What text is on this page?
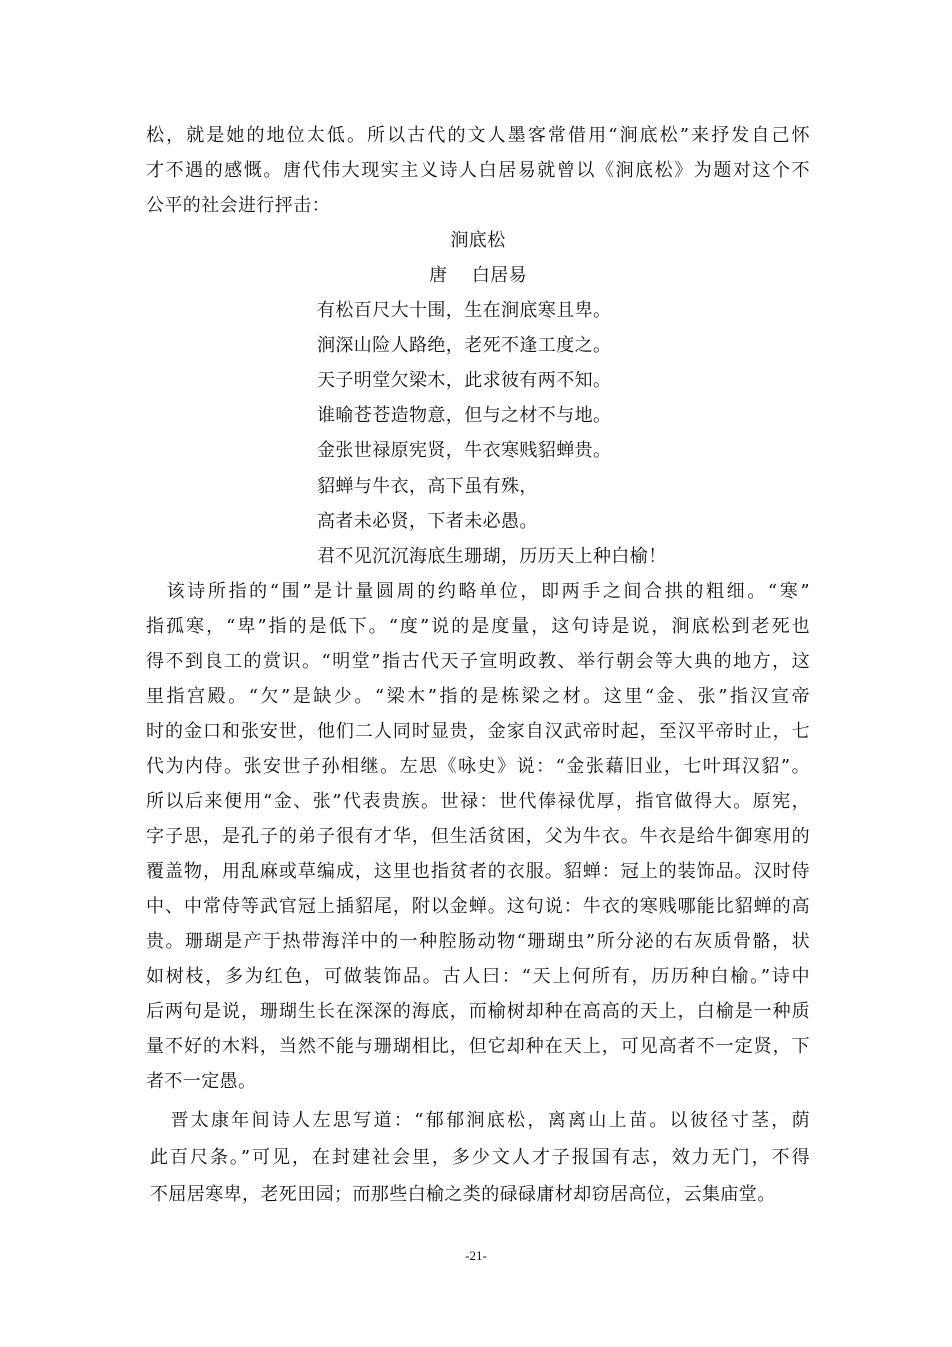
松，就是她的地位太低。所以古代的文人墨客常借用“涧底松”来抒发自己怀
才不遇的感慨。唐代伟大现实主义诗人白居易就曾以《涧底松》为题对这个不
公平的社会进行抨击：
涧底松
唐　 白居易
有松百尺大十围，生在涧底寒且卑。
涧深山险人路绝，老死不逢工度之。
天子明堂欠梁木，此求彼有两不知。
谁喻苍苍造物意，但与之材不与地。
金张世禄原宪贤，牛衣寒贱貂蝉贵。
貂蝉与牛衣，高下虽有殊，
高者未必贤，下者未必愚。
君不见沉沉海底生珊瑚，历历天上种白榆！
　该诗所指的“围”是计量圆周的约略单位，即两手之间合拱的粗细。“寒”
指孤寒，“卑”指的是低下。“度”说的是度量，这句诗是说，涧底松到老死也
得不到良工的赏识。“明堂”指古代天子宣明政教、举行朝会等大典的地方，这
里指宫殿。“欠”是缺少。“梁木”指的是栋梁之材。这里“金、张”指汉宣帝
时的金口和张安世，他们二人同时显贵，金家自汉武帝时起，至汉平帝时止，七
代为内侍。张安世子孙相继。左思《咏史》说：“金张藉旧业，七叶珥汉貂”。
所以后来便用“金、张”代表贵族。世禄：世代俸禄优厚，指官做得大。原宪，
字子思，是孔子的弟子很有才华，但生活贫困，父为牛衣。牛衣是给牛御寒用的
覆盖物，用乱麻或草编成，这里也指贫者的衣服。貂蝉：冠上的装饰品。汉时侍
中、中常侍等武官冠上插貂尾，附以金蝉。这句说：牛衣的寒贱哪能比貂蝉的高
贵。珊瑚是产于热带海洋中的一种腔肠动物“珊瑚虫”所分泌的右灰质骨骼，状
如树枝，多为红色，可做装饰品。古人曰：“天上何所有，历历种白榆。”诗中
后两句是说，珊瑚生长在深深的海底，而榆树却种在高高的天上，白榆是一种质
量不好的木料，当然不能与珊瑚相比，但它却种在天上，可见高者不一定贤，下
者不一定愚。
　晋太康年间诗人左思写道：“郁郁涧底松，离离山上苗。以彼径寸茎，荫
此百尺条。”可见，在封建社会里，多少文人才子报国有志，效力无门，不得
不屈居寒卑，老死田园；而那些白榆之类的碌碌庸材却窃居高位，云集庙堂。
-21-
